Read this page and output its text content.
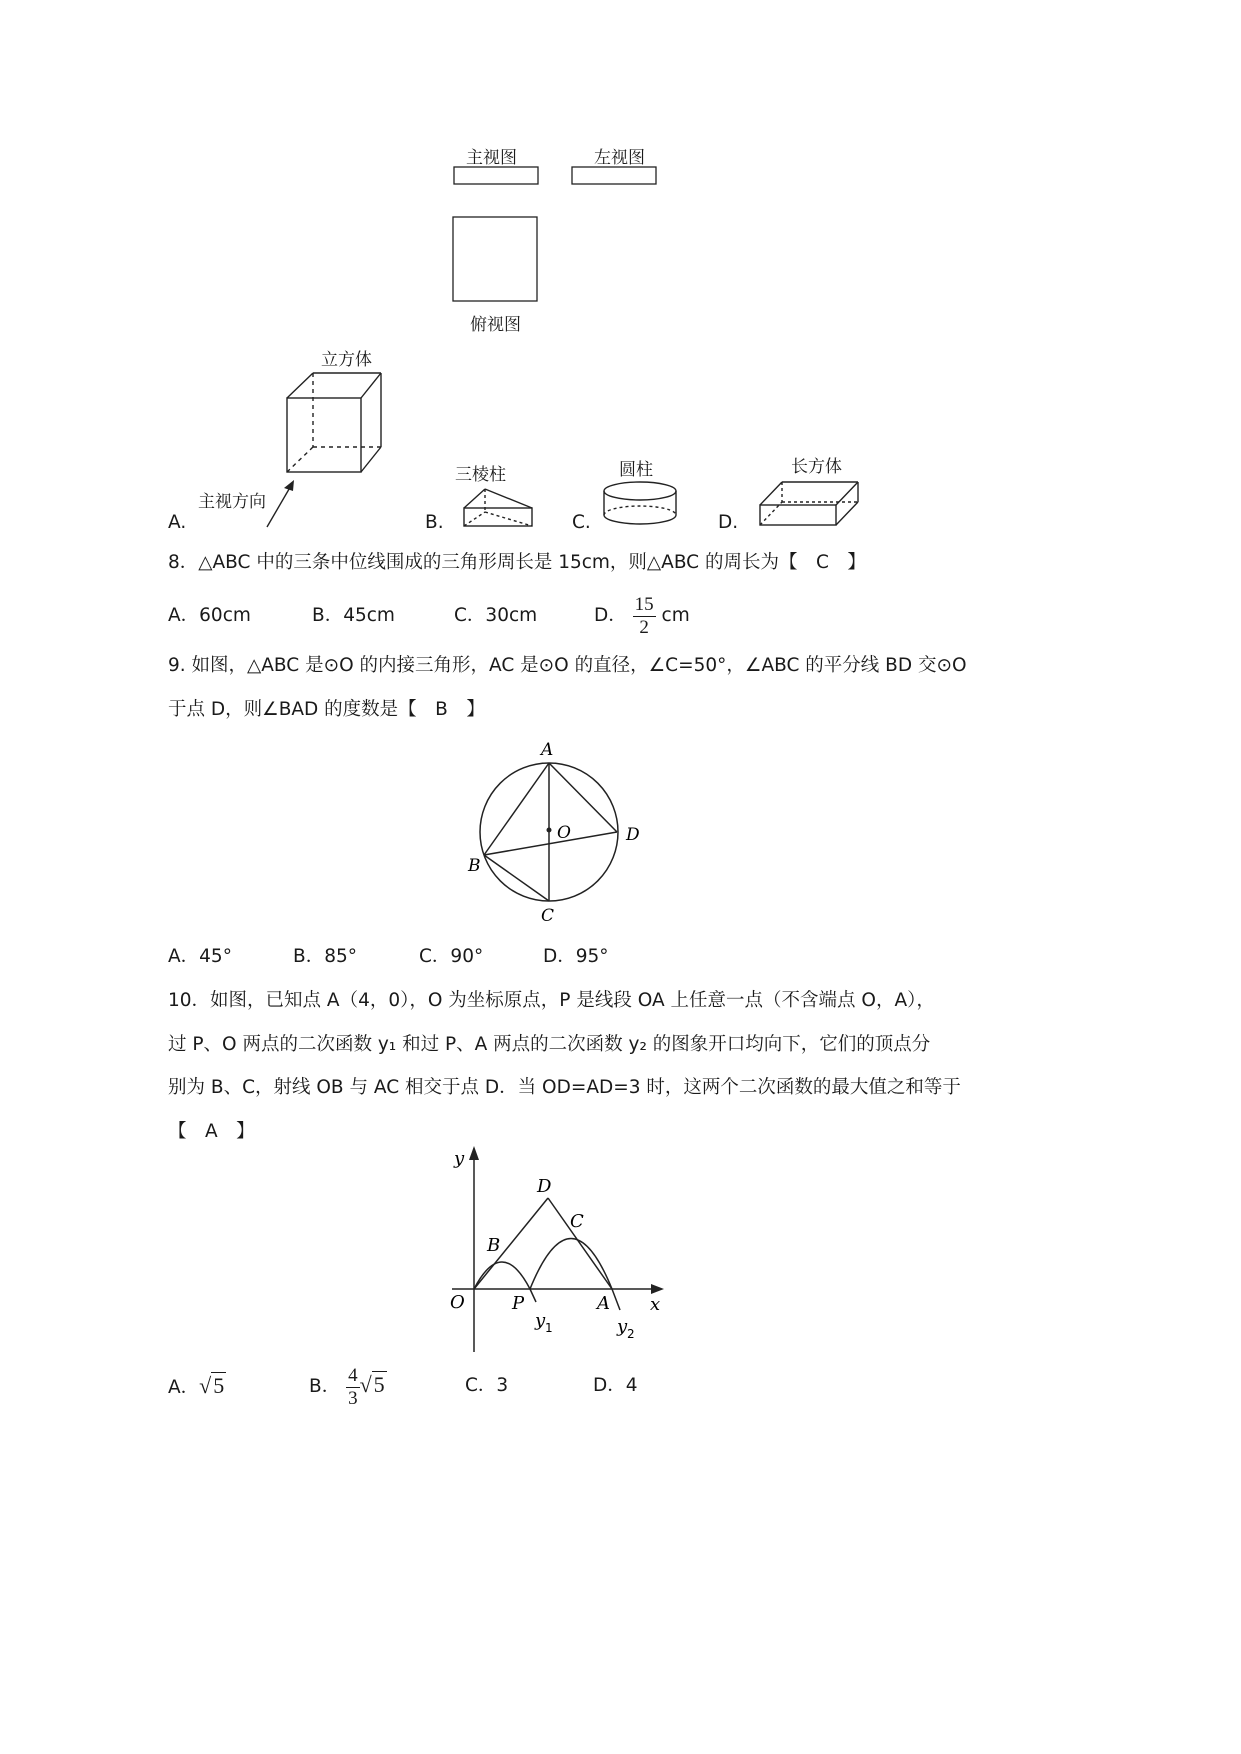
主视图	左视图
俯视图
A.
立方体
主视方向
B.
三棱柱
C.
圆柱
D.
长方体
8．△ABC 中的三条中位线围成的三角形周长是 15cm，则△ABC 的周长为【　C　】
A．60cm	B．45cm	C．30cm	D． $\frac{15}{2}$ cm
9. 如图，△ABC 是⊙O 的内接三角形，AC 是⊙O 的直径，∠C=50°，∠ABC 的平分线 BD 交⊙O
于点 D，则∠BAD 的度数是【　B　】
A
B
C
D
O
A．45°	B．85°	C．90°	D．95°
10．如图，已知点 A（4，0），O 为坐标原点，P 是线段 OA 上任意一点（不含端点 O，A），
过 P、O 两点的二次函数 y₁ 和过 P、A 两点的二次函数 y₂ 的图象开口均向下，它们的顶点分
别为 B、C，射线 OB 与 AC 相交于点 D．当 OD=AD=3 时，这两个二次函数的最大值之和等于
【　A　】
y
x
O	P	A
B
C
D
y 1	y 2
A．√5	B． $\frac{4}{3} √5$	C．3	D．4
